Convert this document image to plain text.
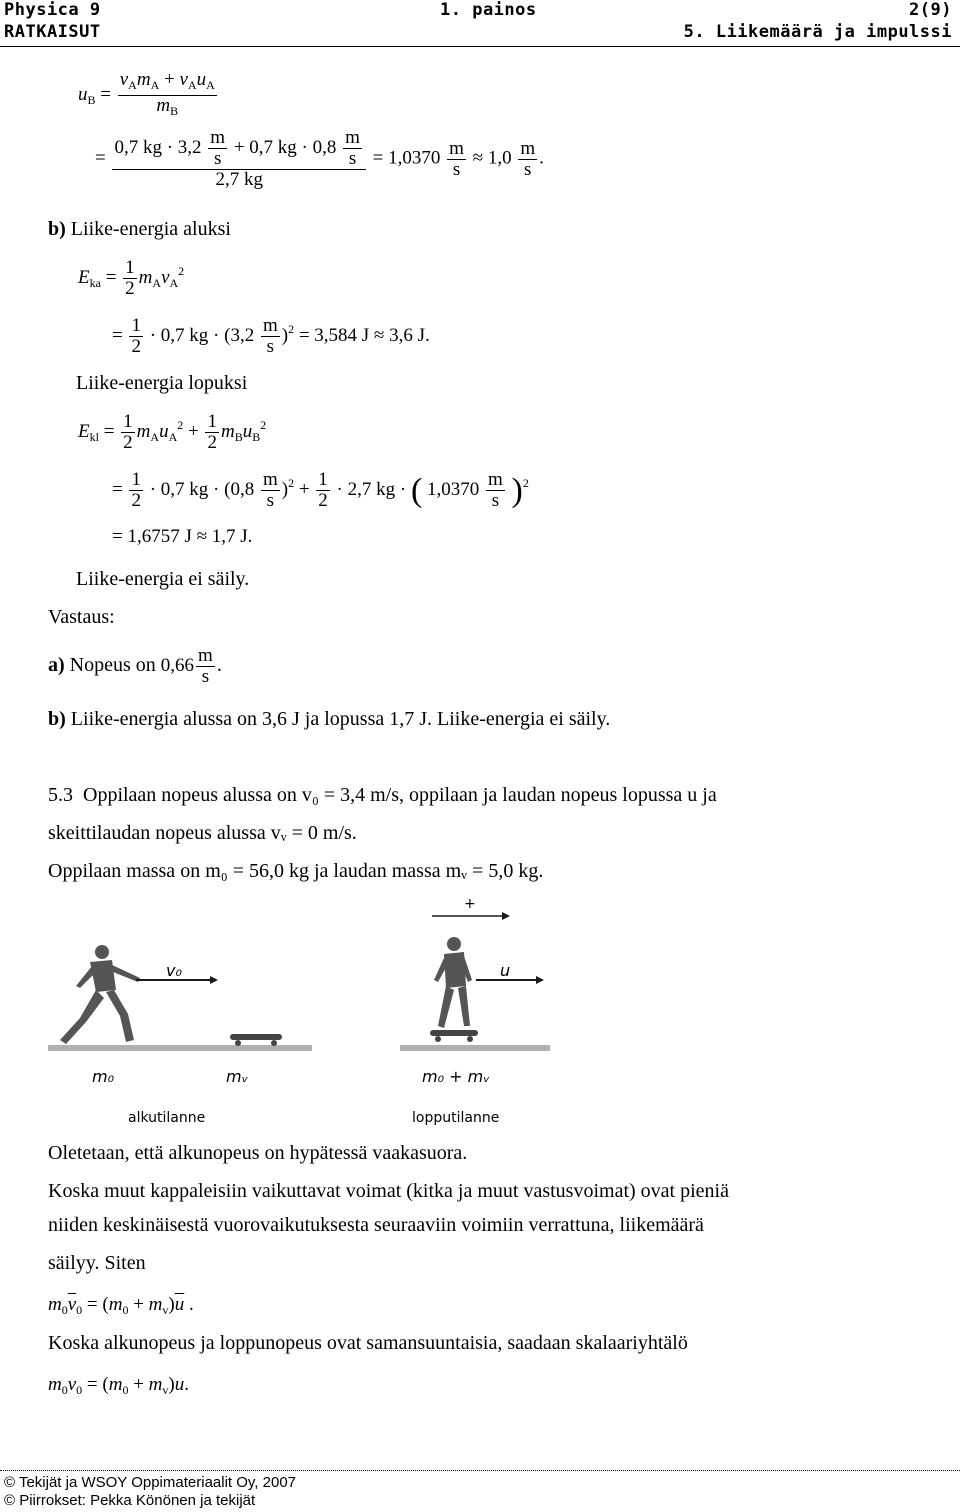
Physica 9	1. painos	2(9)
RATKAISUT	5. Liikemäärä ja impulssi
$u_B = \frac{v_Am_A + v_Au_A}{m_B}$
= $\frac{0,7 kg \cdot 3,2 \frac{m}{s} + 0,7 kg \cdot 0,8 \frac{m}{s}}{2,7 kg} = 1,0370 \frac{m}{s} \approx 1,0 \frac{m}{s}$ .
b) Liike-energia aluksi
$E_{ka} = \frac{1}{2} m_Av_A^2$
= $\frac{1}{2} \cdot 0,7$ kg · $(3,2 \frac{m}{s} )^2 = 3,584$ J ≈ 3,6 J.
Liike-energia lopuksi
$E_{kl} = \frac{1}{2} m_Au_A^2 + \frac{1}{2} m_Bu_B^2$
= $\frac{1}{2} \cdot 0,7$ kg · $(0,8 \frac{m}{s} )^2 + \frac{1}{2} \cdot 2,7$ kg · ( $1,0370 \frac{m}{s} )^2$
= 1,6757 J ≈ 1,7 J.
Liike-energia ei säily.
Vastaus:
a) Nopeus on $0,66 \frac{m}{s}$ .
b) Liike-energia alussa on 3,6 J ja lopussa 1,7 J. Liike-energia ei säily.
5.3 Oppilaan nopeus alussa on v₀ = 3,4 m/s, oppilaan ja laudan nopeus lopussa u ja
skeittilaudan nopeus alussa vᵥ = 0 m/s.
Oppilaan massa on m₀ = 56,0 kg ja laudan massa mᵥ = 5,0 kg.
+
v₀	u
m₀	mᵥ	m₀ + mᵥ
alkutilanne	lopputilanne
Oletetaan, että alkunopeus on hypätessä vaakasuora.
Koska muut kappaleisiin vaikuttavat voimat (kitka ja muut vastusvoimat) ovat pieniä
niiden keskinäisestä vuorovaikutuksesta seuraaviin voimiin verrattuna, liikemäärä
säilyy. Siten
$m_0\overline{v}_0 = (m_0 + m_v)\overline{u}$ .
Koska alkunopeus ja loppunopeus ovat samansuuntaisia, saadaan skalaariyhtälö
$m_0v_0 = (m_0 + m_v)u$.
© Tekijät ja WSOY Oppimateriaalit Oy, 2007
© Piirrokset: Pekka Könönen ja tekijät
